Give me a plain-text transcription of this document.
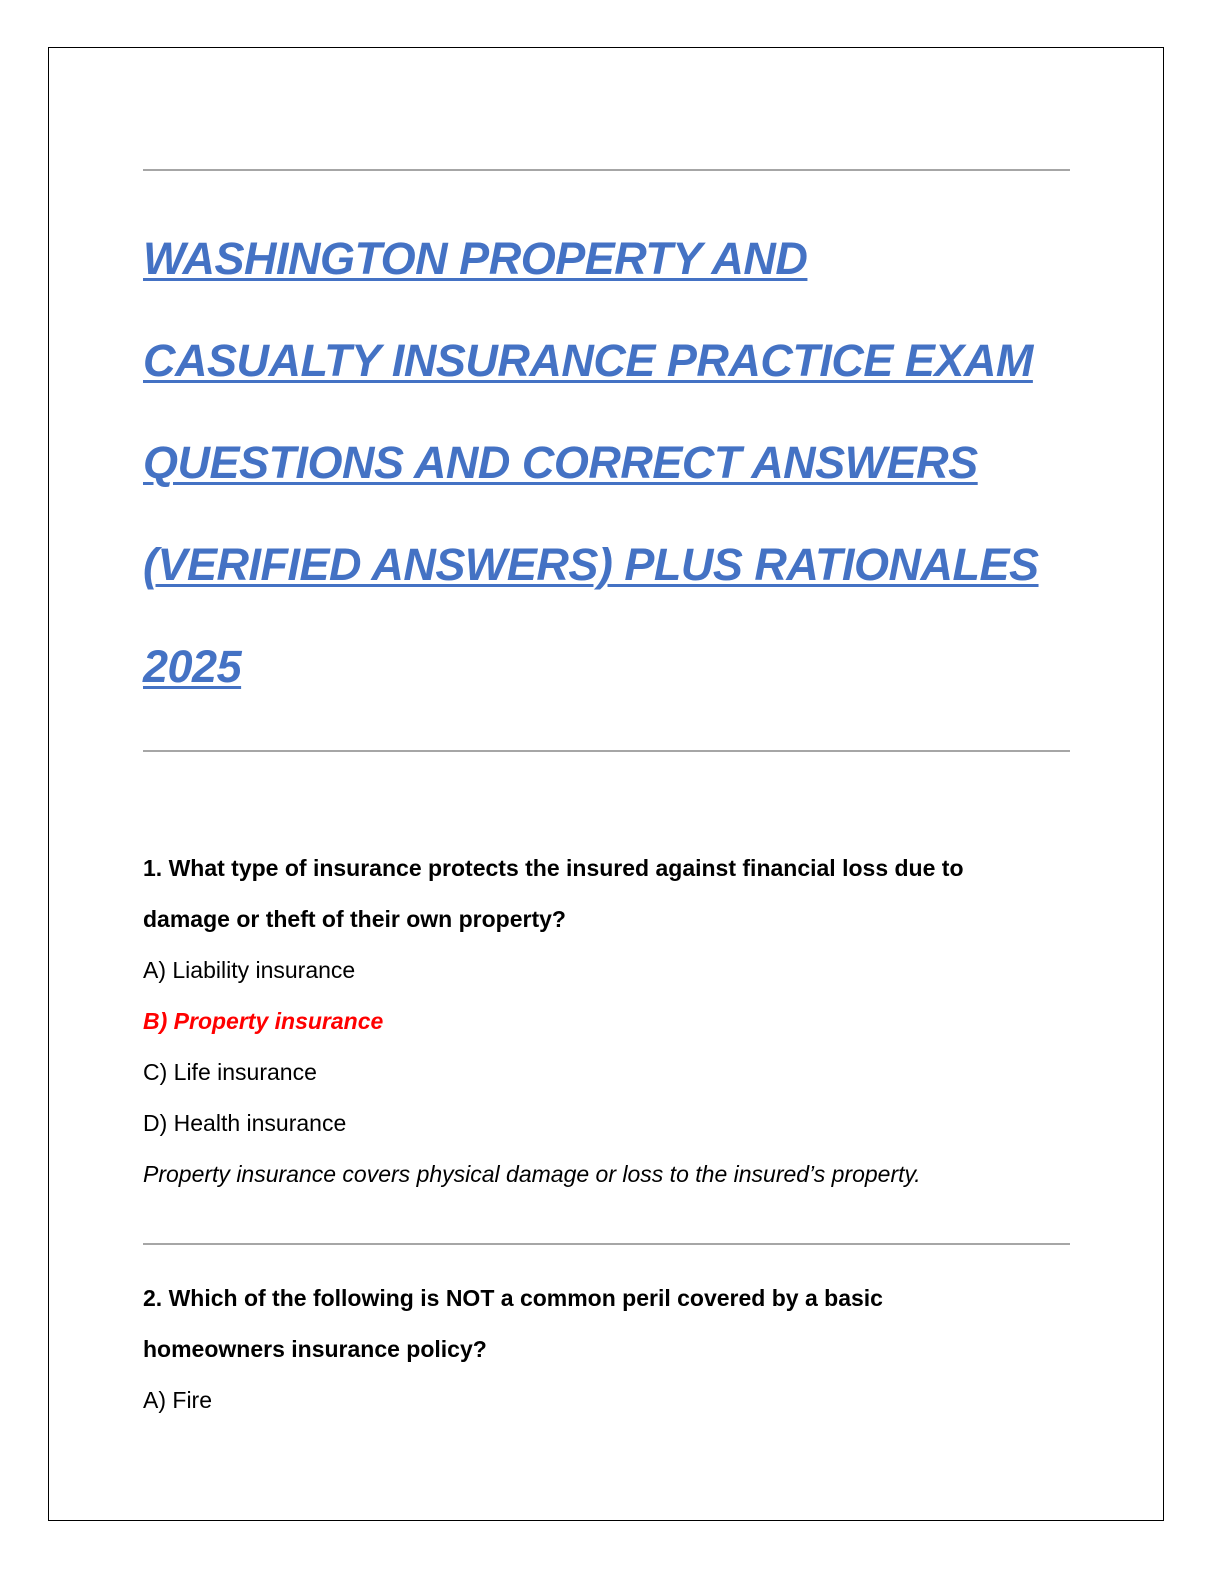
WASHINGTON PROPERTY AND
CASUALTY INSURANCE PRACTICE EXAM
QUESTIONS AND CORRECT ANSWERS
(VERIFIED ANSWERS) PLUS RATIONALES
2025
1. What type of insurance protects the insured against financial loss due to
damage or theft of their own property?
A) Liability insurance
B) Property insurance
C) Life insurance
D) Health insurance
Property insurance covers physical damage or loss to the insured’s property.
2. Which of the following is NOT a common peril covered by a basic
homeowners insurance policy?
A) Fire
